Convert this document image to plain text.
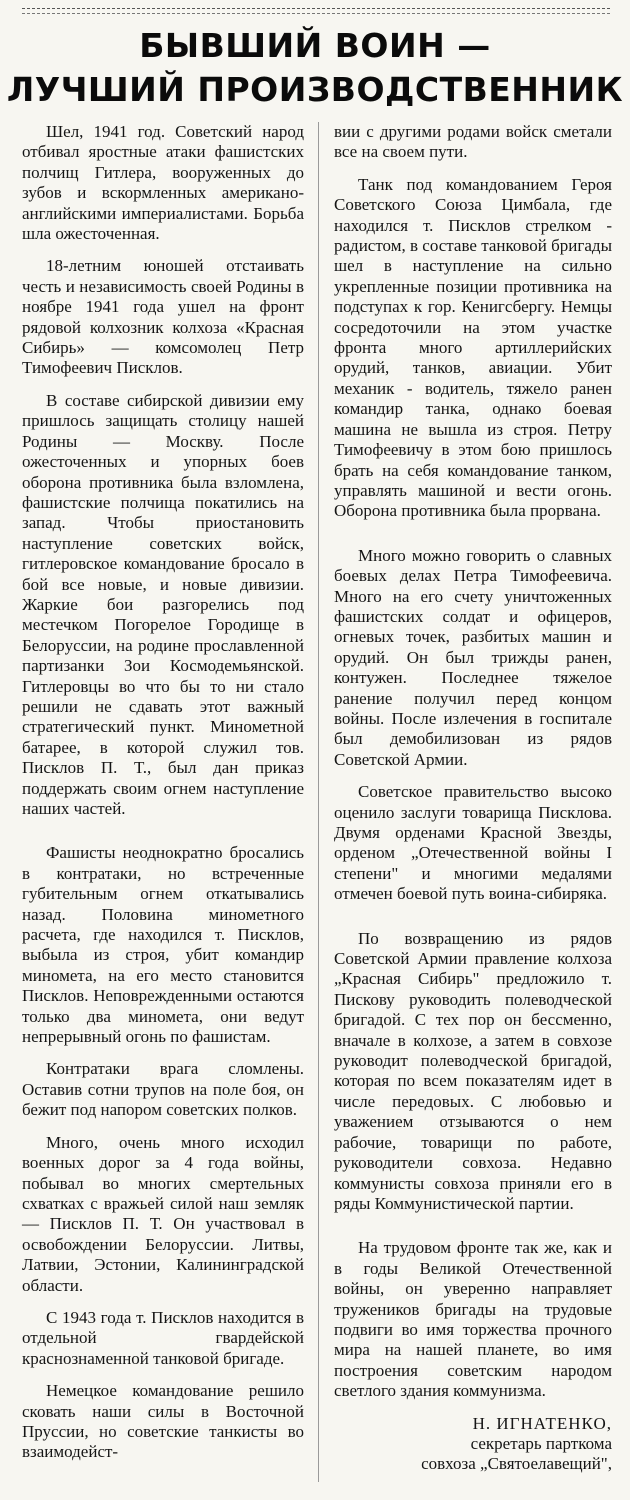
БЫВШИЙ ВОИН —
ЛУЧШИЙ ПРОИЗВОДСТВЕННИК

Шел, 1941 год. Советский народ отбивал яростные атаки фашистских полчищ Гитлера, вооруженных до зубов и вскормленных американо-английскими империалистами. Борьба шла ожесточенная.

18-летним юношей отстаивать честь и независимость своей Родины в ноябре 1941 года ушел на фронт рядовой колхозник колхоза «Красная Сибирь» — комсомолец Петр Тимофеевич Писклов.

В составе сибирской дивизии ему пришлось защищать столицу нашей Родины — Москву. После ожесточенных и упорных боев оборона противника была взломлена, фашистские полчища покатились на запад. Чтобы приостановить наступление советских войск, гитлеровское командование бросало в бой все новые, и новые дивизии. Жаркие бои разгорелись под местечком Погорелое Городище в Белоруссии, на родине прославленной партизанки Зои Космодемьянской. Гитлеровцы во что бы то ни стало решили не сдавать этот важный стратегический пункт. Минометной батарее, в которой служил тов. Писклов П. Т., был дан приказ поддержать своим огнем наступление наших частей.

Фашисты неоднократно бросались в контратаки, но встреченные губительным огнем откатывались назад. Половина минометного расчета, где находился т. Писклов, выбыла из строя, убит командир миномета, на его место становится Писклов. Неповрежденными остаются только два миномета, они ведут непрерывный огонь по фашистам.

Контратаки врага сломлены. Оставив сотни трупов на поле боя, он бежит под напором советских полков.

Много, очень много исходил военных дорог за 4 года войны, побывал во многих смертельных схватках с вражьей силой наш земляк — Писклов П. Т. Он участвовал в освобождении Белоруссии. Литвы, Латвии, Эстонии, Калининградской области.

С 1943 года т. Писклов находится в отдельной гвардейской краснознаменной танковой бригаде.

Немецкое командование решило сковать наши силы в Восточной Пруссии, но советские танкисты во взаимодейст-

вии с другими родами войск сметали все на своем пути.

Танк под командованием Героя Советского Союза Цимбала, где находился т. Писклов стрелком - радистом, в составе танковой бригады шел в наступление на сильно укрепленные позиции противника на подступах к гор. Кенигсбергу. Немцы сосредоточили на этом участке фронта много артиллерийских орудий, танков, авиации. Убит механик - водитель, тяжело ранен командир танка, однако боевая машина не вышла из строя. Петру Тимофеевичу в этом бою пришлось брать на себя командование танком, управлять машиной и вести огонь. Оборона противника была прорвана.

Много можно говорить о славных боевых делах Петра Тимофеевича. Много на его счету уничтоженных фашистских солдат и офицеров, огневых точек, разбитых машин и орудий. Он был трижды ранен, контужен. Последнее тяжелое ранение получил перед концом войны. После излечения в госпитале был демобилизован из рядов Советской Армии.

Советское правительство высоко оценило заслуги товарища Писклова. Двумя орденами Красной Звезды, орденом „Отечественной войны I степени" и многими медалями отмечен боевой путь воина-сибиряка.

По возвращению из рядов Советской Армии правление колхоза „Красная Сибирь" предложило т. Пискову руководить полеводческой бригадой. С тех пор он бессменно, вначале в колхозе, а затем в совхозе руководит полеводческой бригадой, которая по всем показателям идет в числе передовых. С любовью и уважением отзываются о нем рабочие, товарищи по работе, руководители совхоза. Недавно коммунисты совхоза приняли его в ряды Коммунистической партии.

На трудовом фронте так же, как и в годы Великой Отечественной войны, он уверенно направляет тружеников бригады на трудовые подвиги во имя торжества прочного мира на нашей планете, во имя построения советским народом светлого здания коммунизма.

Н. ИГНАТЕНКО,
секретарь парткома
совхоза „Святоелавещий",
